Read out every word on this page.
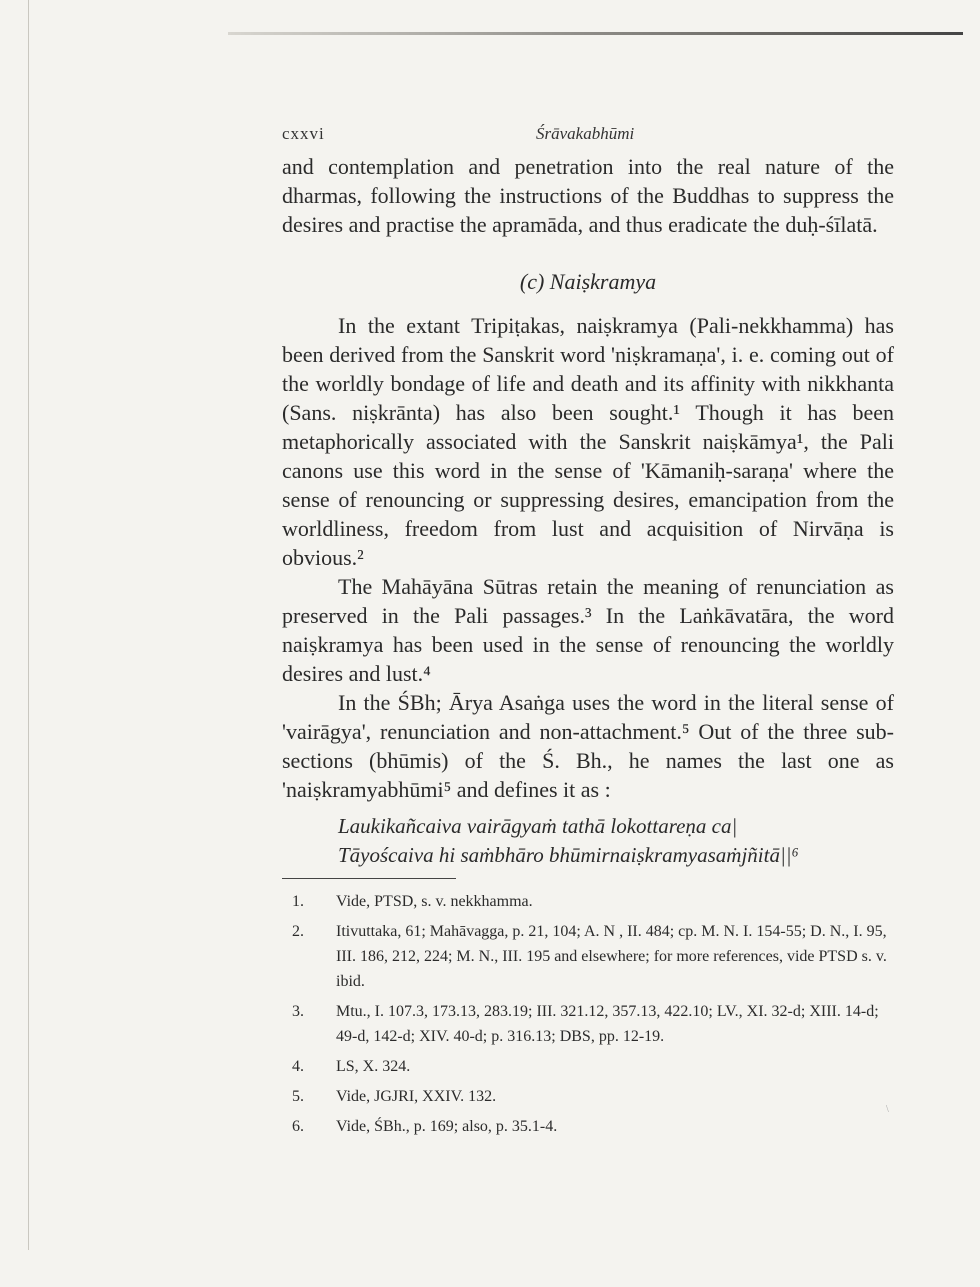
\
cxxvi	Śrāvakabhūmi

and contemplation and penetration into the real nature of the dharmas, following the instructions of the Buddhas to suppress the desires and practise the apramāda, and thus eradicate the duḥ-śīlatā.

(c) Naiṣkramya

In the extant Tripiṭakas, naiṣkramya (Pali-nekkhamma) has been derived from the Sanskrit word 'niṣkramaṇa', i. e. coming out of the worldly bondage of life and death and its affinity with nikkhanta (Sans. niṣkrānta) has also been sought.¹ Though it has been metaphorically associated with the Sanskrit naiṣkāmya¹, the Pali canons use this word in the sense of 'Kāmaniḥ-saraṇa' where the sense of renouncing or suppressing desires, emancipation from the worldliness, freedom from lust and acquisition of Nirvāṇa is obvious.²

The Mahāyāna Sūtras retain the meaning of renunciation as preserved in the Pali passages.³ In the Laṅkāvatāra, the word naiṣkramya has been used in the sense of renouncing the worldly desires and lust.⁴

In the ŚBh; Ārya Asaṅga uses the word in the literal sense of 'vairāgya', renunciation and non-attachment.⁵ Out of the three sub-sections (bhūmis) of the Ś. Bh., he names the last one as 'naiṣkramyabhūmi⁵ and defines it as :

Laukikañcaiva vairāgyaṁ tathā lokottareṇa ca|
Tāyoścaiva hi saṁbhāro bhūmirnaiṣkramyasaṁjñitā||⁶
1.	Vide, PTSD, s. v. nekkhamma.
2.	Itivuttaka, 61; Mahāvagga, p. 21, 104; A. N , II. 484; cp. M. N. I. 154-55; D. N., I. 95, III. 186, 212, 224; M. N., III. 195 and elsewhere; for more references, vide PTSD s. v. ibid.
3.	Mtu., I. 107.3, 173.13, 283.19; III. 321.12, 357.13, 422.10; LV., XI. 32-d; XIII. 14-d; 49-d, 142-d; XIV. 40-d; p. 316.13; DBS, pp. 12-19.
4.	LS, X. 324.
5.	Vide, JGJRI, XXIV. 132.
6.	Vide, ŚBh., p. 169; also, p. 35.1-4.
